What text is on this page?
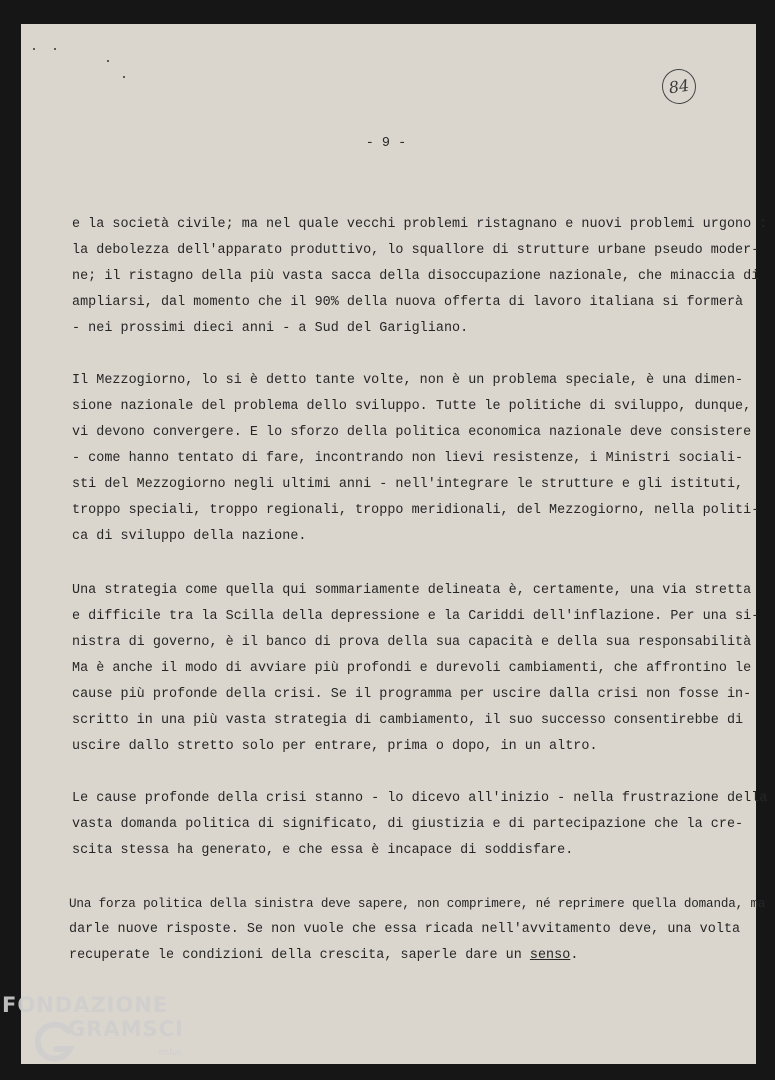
84
- 9 -
e la società civile; ma nel quale vecchi problemi ristagnano e nuovi problemi urgono :
la debolezza dell'apparato produttivo, lo squallore di strutture urbane pseudo moder-
ne; il ristagno della più vasta sacca della disoccupazione nazionale, che minaccia di
ampliarsi, dal momento che il 90% della nuova offerta di lavoro italiana si formerà
- nei prossimi dieci anni - a Sud del Garigliano.
Il Mezzogiorno, lo si è detto tante volte, non è un problema speciale, è una dimen-
sione nazionale del problema dello sviluppo. Tutte le politiche di sviluppo, dunque,
vi devono convergere. E lo sforzo della politica economica nazionale deve consistere
- come hanno tentato di fare, incontrando non lievi resistenze, i Ministri sociali-
sti del Mezzogiorno negli ultimi anni - nell'integrare le strutture e gli istituti,
troppo speciali, troppo regionali, troppo meridionali, del Mezzogiorno, nella politi-
ca di sviluppo della nazione.
Una strategia come quella qui sommariamente delineata è, certamente, una via stretta
e difficile tra la Scilla della depressione e la Cariddi dell'inflazione. Per una si-
nistra di governo, è il banco di prova della sua capacità e della sua responsabilità
Ma è anche il modo di avviare più profondi e durevoli cambiamenti, che affrontino le
cause più profonde della crisi. Se il programma per uscire dalla crisi non fosse in-
scritto in una più vasta strategia di cambiamento, il suo successo consentirebbe di
uscire dallo stretto solo per entrare, prima o dopo, in un altro.
Le cause profonde della crisi stanno - lo dicevo all'inizio - nella frustrazione della
vasta domanda politica di significato, di giustizia e di partecipazione che la cre-
scita stessa ha generato, e che essa è incapace di soddisfare.
Una forza politica della sinistra deve sapere, non comprimere, né reprimere quella domanda, ma
darle nuove risposte. Se non vuole che essa ricada nell'avvitamento deve, una volta
recuperate le condizioni della crescita, saperle dare un senso.
FONDAZIONE
GRAMSCI
onlus
